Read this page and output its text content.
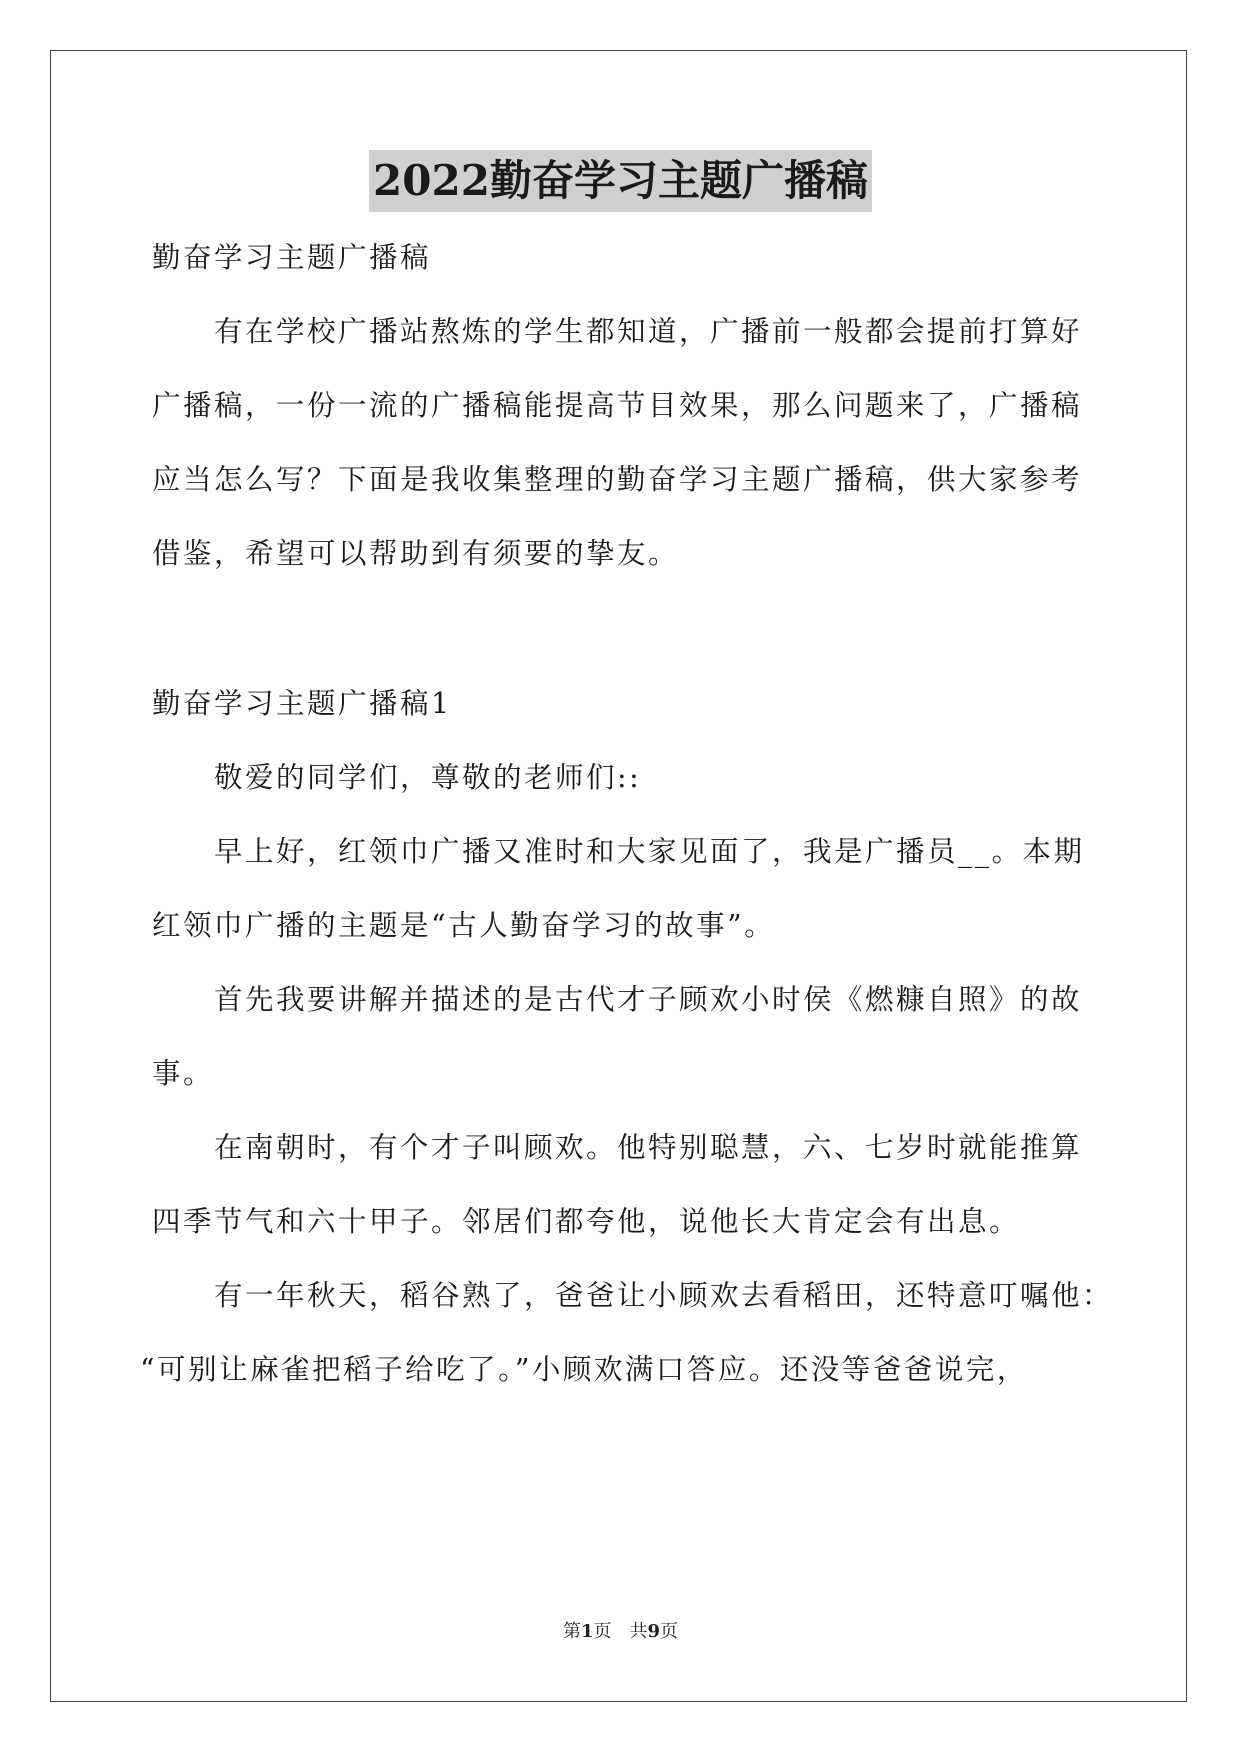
2022勤奋学习主题广播稿
勤奋学习主题广播稿
有在学校广播站熬炼的学生都知道，广播前一般都会提前打算好
广播稿，一份一流的广播稿能提高节目效果，那么问题来了，广播稿
应当怎么写？下面是我收集整理的勤奋学习主题广播稿，供大家参考
借鉴，希望可以帮助到有须要的挚友。
勤奋学习主题广播稿1
敬爱的同学们，尊敬的老师们::
早上好，红领巾广播又准时和大家见面了，我是广播员__。本期
红领巾广播的主题是“古人勤奋学习的故事”。
首先我要讲解并描述的是古代才子顾欢小时侯《燃糠自照》的故
事。
在南朝时，有个才子叫顾欢。他特别聪慧，六、七岁时就能推算
四季节气和六十甲子。邻居们都夸他，说他长大肯定会有出息。
有一年秋天，稻谷熟了，爸爸让小顾欢去看稻田，还特意叮嘱他：
“可别让麻雀把稻子给吃了。”小顾欢满口答应。还没等爸爸说完，
第1页　共9页
